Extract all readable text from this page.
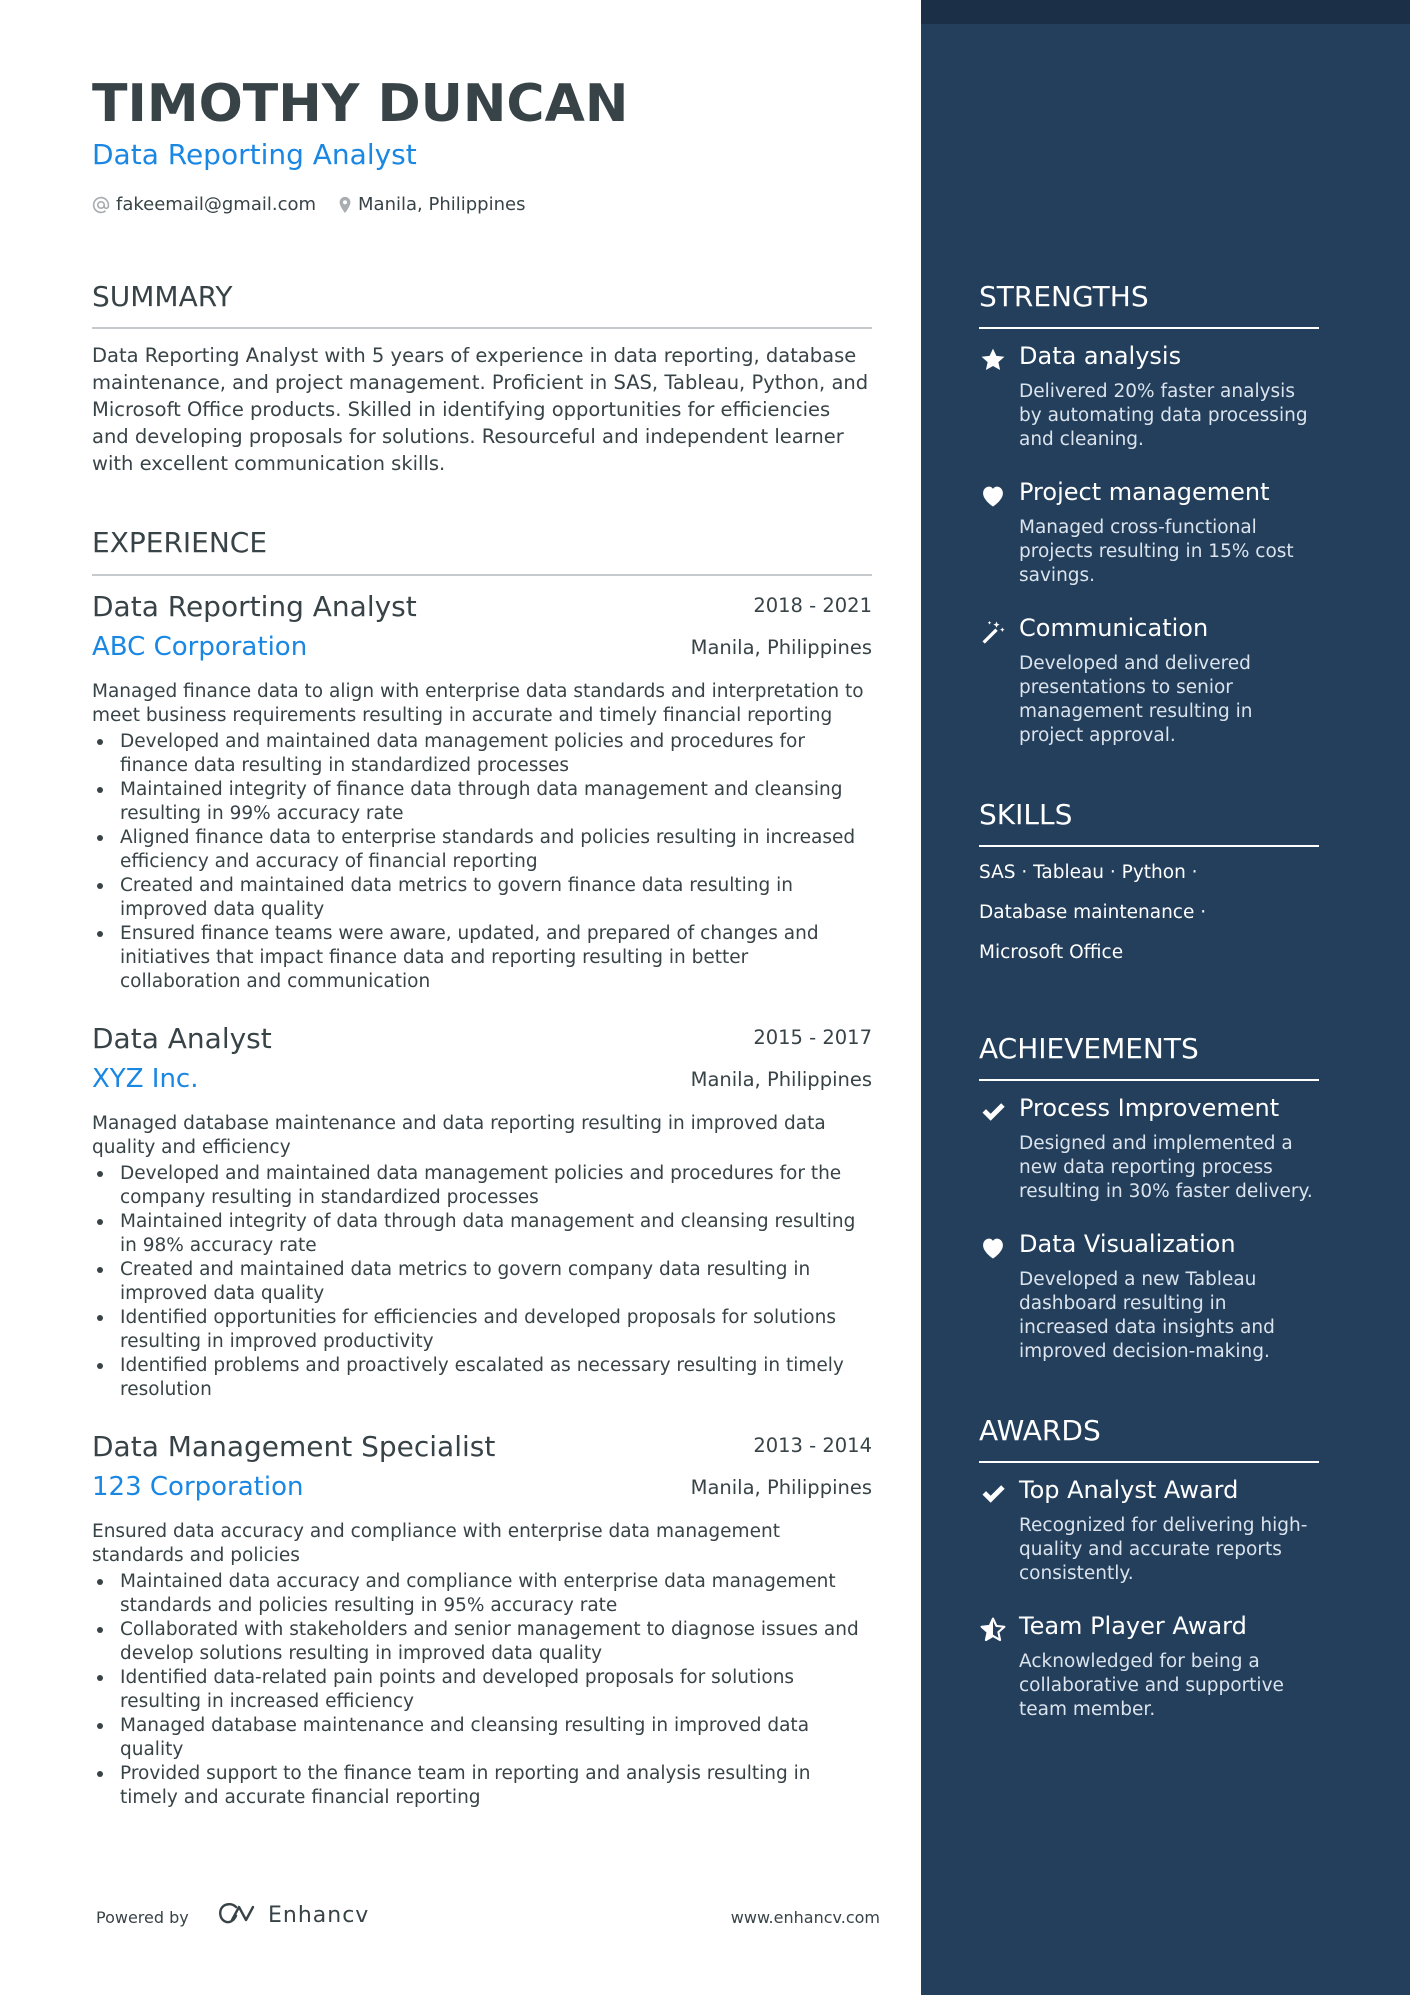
TIMOTHY DUNCAN
Data Reporting Analyst
fakeemail@gmail.com Manila, Philippines
SUMMARY
Data Reporting Analyst with 5 years of experience in data reporting, database maintenance, and project management. Proficient in SAS, Tableau, Python, and Microsoft Office products. Skilled in identifying opportunities for efficiencies and developing proposals for solutions. Resourceful and independent learner with excellent communication skills.
EXPERIENCE
Data Reporting Analyst	2018 - 2021
ABC Corporation	Manila, Philippines
Managed finance data to align with enterprise data standards and interpretation to meet business requirements resulting in accurate and timely financial reporting
Developed and maintained data management policies and procedures for finance data resulting in standardized processes
Maintained integrity of finance data through data management and cleansing resulting in 99% accuracy rate
Aligned finance data to enterprise standards and policies resulting in increased efficiency and accuracy of financial reporting
Created and maintained data metrics to govern finance data resulting in improved data quality
Ensured finance teams were aware, updated, and prepared of changes and initiatives that impact finance data and reporting resulting in better collaboration and communication
Data Analyst	2015 - 2017
XYZ Inc.	Manila, Philippines
Managed database maintenance and data reporting resulting in improved data quality and efficiency
Developed and maintained data management policies and procedures for the company resulting in standardized processes
Maintained integrity of data through data management and cleansing resulting in 98% accuracy rate
Created and maintained data metrics to govern company data resulting in improved data quality
Identified opportunities for efficiencies and developed proposals for solutions resulting in improved productivity
Identified problems and proactively escalated as necessary resulting in timely resolution
Data Management Specialist	2013 - 2014
123 Corporation	Manila, Philippines
Ensured data accuracy and compliance with enterprise data management standards and policies
Maintained data accuracy and compliance with enterprise data management standards and policies resulting in 95% accuracy rate
Collaborated with stakeholders and senior management to diagnose issues and develop solutions resulting in improved data quality
Identified data-related pain points and developed proposals for solutions resulting in increased efficiency
Managed database maintenance and cleansing resulting in improved data quality
Provided support to the finance team in reporting and analysis resulting in timely and accurate financial reporting
Powered by	Enhancv	www.enhancv.com
STRENGTHS
Data analysis
Delivered 20% faster analysis by automating data processing and cleaning.
Project management
Managed cross-functional projects resulting in 15% cost savings.
Communication
Developed and delivered presentations to senior management resulting in project approval.
SKILLS
SAS · Tableau · Python ·
Database maintenance ·
Microsoft Office
ACHIEVEMENTS
Process Improvement
Designed and implemented a new data reporting process resulting in 30% faster delivery.
Data Visualization
Developed a new Tableau dashboard resulting in increased data insights and improved decision-making.
AWARDS
Top Analyst Award
Recognized for delivering high-quality and accurate reports consistently.
Team Player Award
Acknowledged for being a collaborative and supportive team member.
